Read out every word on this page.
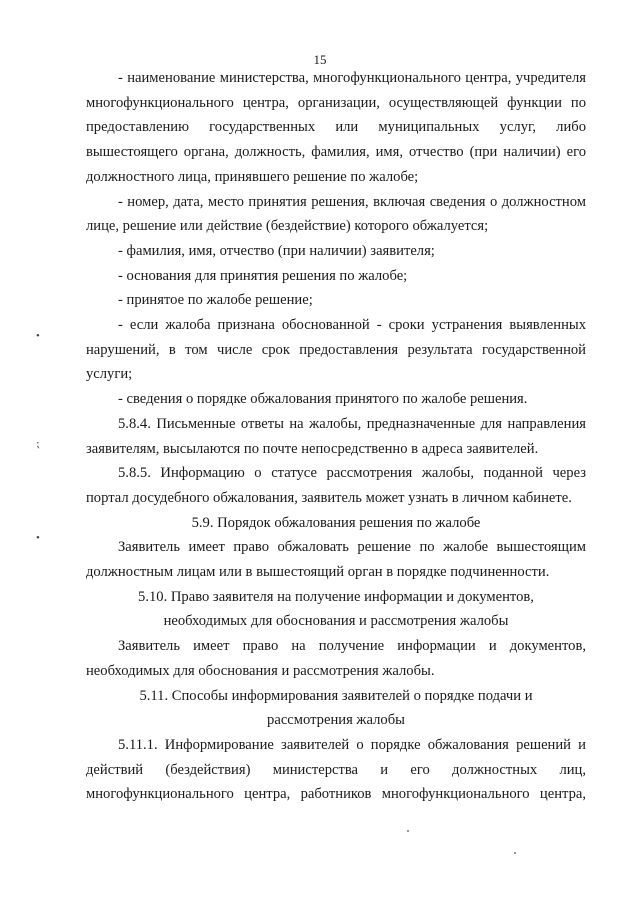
15
•
⁏
•

- наименование министерства, многофункционального центра, учредителя многофункционального центра, организации, осуществляющей функции по предоставлению государственных или муниципальных услуг, либо вышестоящего органа, должность, фамилия, имя, отчество (при наличии) его должностного лица, принявшего решение по жалобе;

- номер, дата, место принятия решения, включая сведения о должностном лице, решение или действие (бездействие) которого обжалуется;

- фамилия, имя, отчество (при наличии) заявителя;

- основания для принятия решения по жалобе;

- принятое по жалобе решение;

- если жалоба признана обоснованной - сроки устранения выявленных нарушений, в том числе срок предоставления результата государственной услуги;

- сведения о порядке обжалования принятого по жалобе решения.

5.8.4. Письменные ответы на жалобы, предназначенные для направления заявителям, высылаются по почте непосредственно в адреса заявителей.

5.8.5. Информацию о статусе рассмотрения жалобы, поданной через портал досудебного обжалования, заявитель может узнать в личном кабинете.

5.9. Порядок обжалования решения по жалобе

Заявитель имеет право обжаловать решение по жалобе вышестоящим должностным лицам или в вышестоящий орган в порядке подчиненности.

5.10. Право заявителя на получение информации и документов,

необходимых для обоснования и рассмотрения жалобы

Заявитель имеет право на получение информации и документов, необходимых для обоснования и рассмотрения жалобы.

5.11. Способы информирования заявителей о порядке подачи и

рассмотрения жалобы

5.11.1. Информирование заявителей о порядке обжалования решений и действий (бездействия) министерства и его должностных лиц, многофункционального центра, работников многофункционального центра,
